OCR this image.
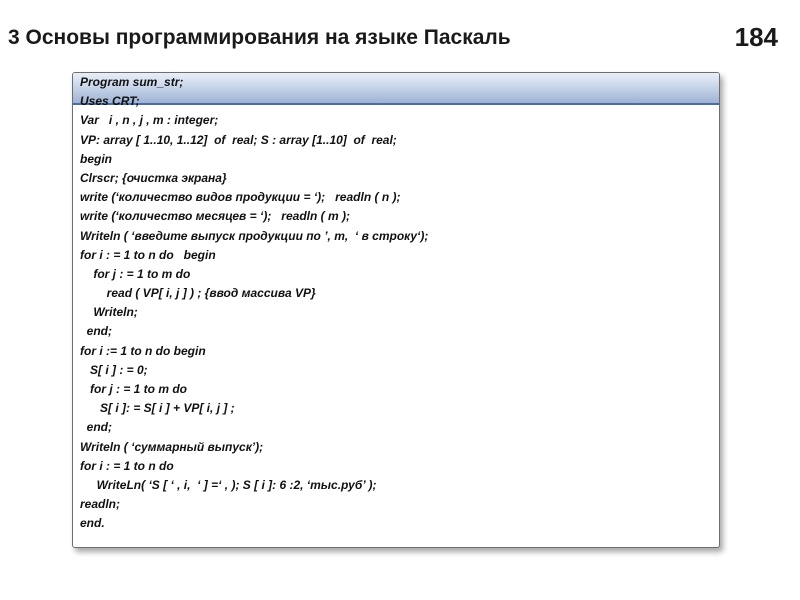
3 Основы программирования на языке Паскаль	184
Program sum_str;
Uses CRT;
Var   i , n , j , m : integer;
VP: array [ 1..10, 1..12]  of  real; S : array [1..10]  of  real;
begin
Clrscr; {очистка экрана}
write (‘количество видов продукции = ‘);   readln ( n );
write (‘количество месяцев = ‘);   readln ( m );
Writeln ( ‘введите выпуск продукции по ’, m,  ‘ в строку‘);
for i : = 1 to n do   begin
for j : = 1 to m do
read ( VP[ i, j ] ) ; {ввод массива VP}
Writeln;
end;
for i := 1 to n do begin
S[ i ] : = 0;
for j : = 1 to m do
S[ i ]: = S[ i ] + VP[ i, j ] ;
end;
Writeln ( ‘суммарный выпуск’);
for i : = 1 to n do
WriteLn( ‘S [ ‘ , i,  ‘ ] =‘ , ); S [ i ]: 6 :2, ‘тыс.руб’ );
readln;
end.
